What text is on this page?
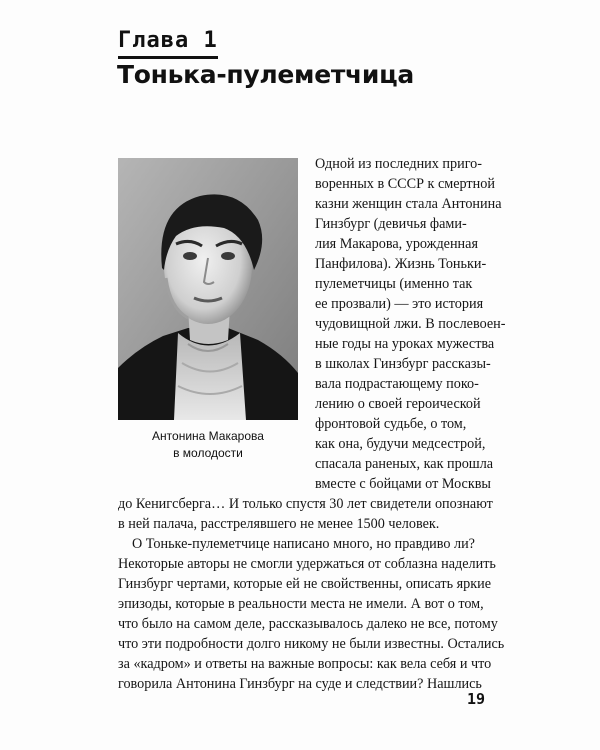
Глава 1
Тонька-пулеметчица
Антонина Макарова
в молодости
Одной из последних приго-
воренных в СССР к смертной
казни женщин стала Антонина
Гинзбург (девичья фами-
лия Макарова, урожденная
Панфилова). Жизнь Тоньки-
пулеметчицы (именно так
ее прозвали) — это история
чудовищной лжи. В послевоен-
ные годы на уроках мужества
в школах Гинзбург рассказы-
вала подрастающему поко-
лению о своей героической
фронтовой судьбе, о том,
как она, будучи медсестрой,
спасала раненых, как прошла
вместе с бойцами от Москвы
до Кенигсберга… И только спустя 30 лет свидетели опознают
в ней палача, расстрелявшего не менее 1500 человек.
О Тоньке-пулеметчице написано много, но правдиво ли?
Некоторые авторы не смогли удержаться от соблазна наделить
Гинзбург чертами, которые ей не свойственны, описать яркие
эпизоды, которые в реальности места не имели. А вот о том,
что было на самом деле, рассказывалось далеко не все, потому
что эти подробности долго никому не были известны. Остались
за «кадром» и ответы на важные вопросы: как вела себя и что
говорила Антонина Гинзбург на суде и следствии? Нашлись
19
